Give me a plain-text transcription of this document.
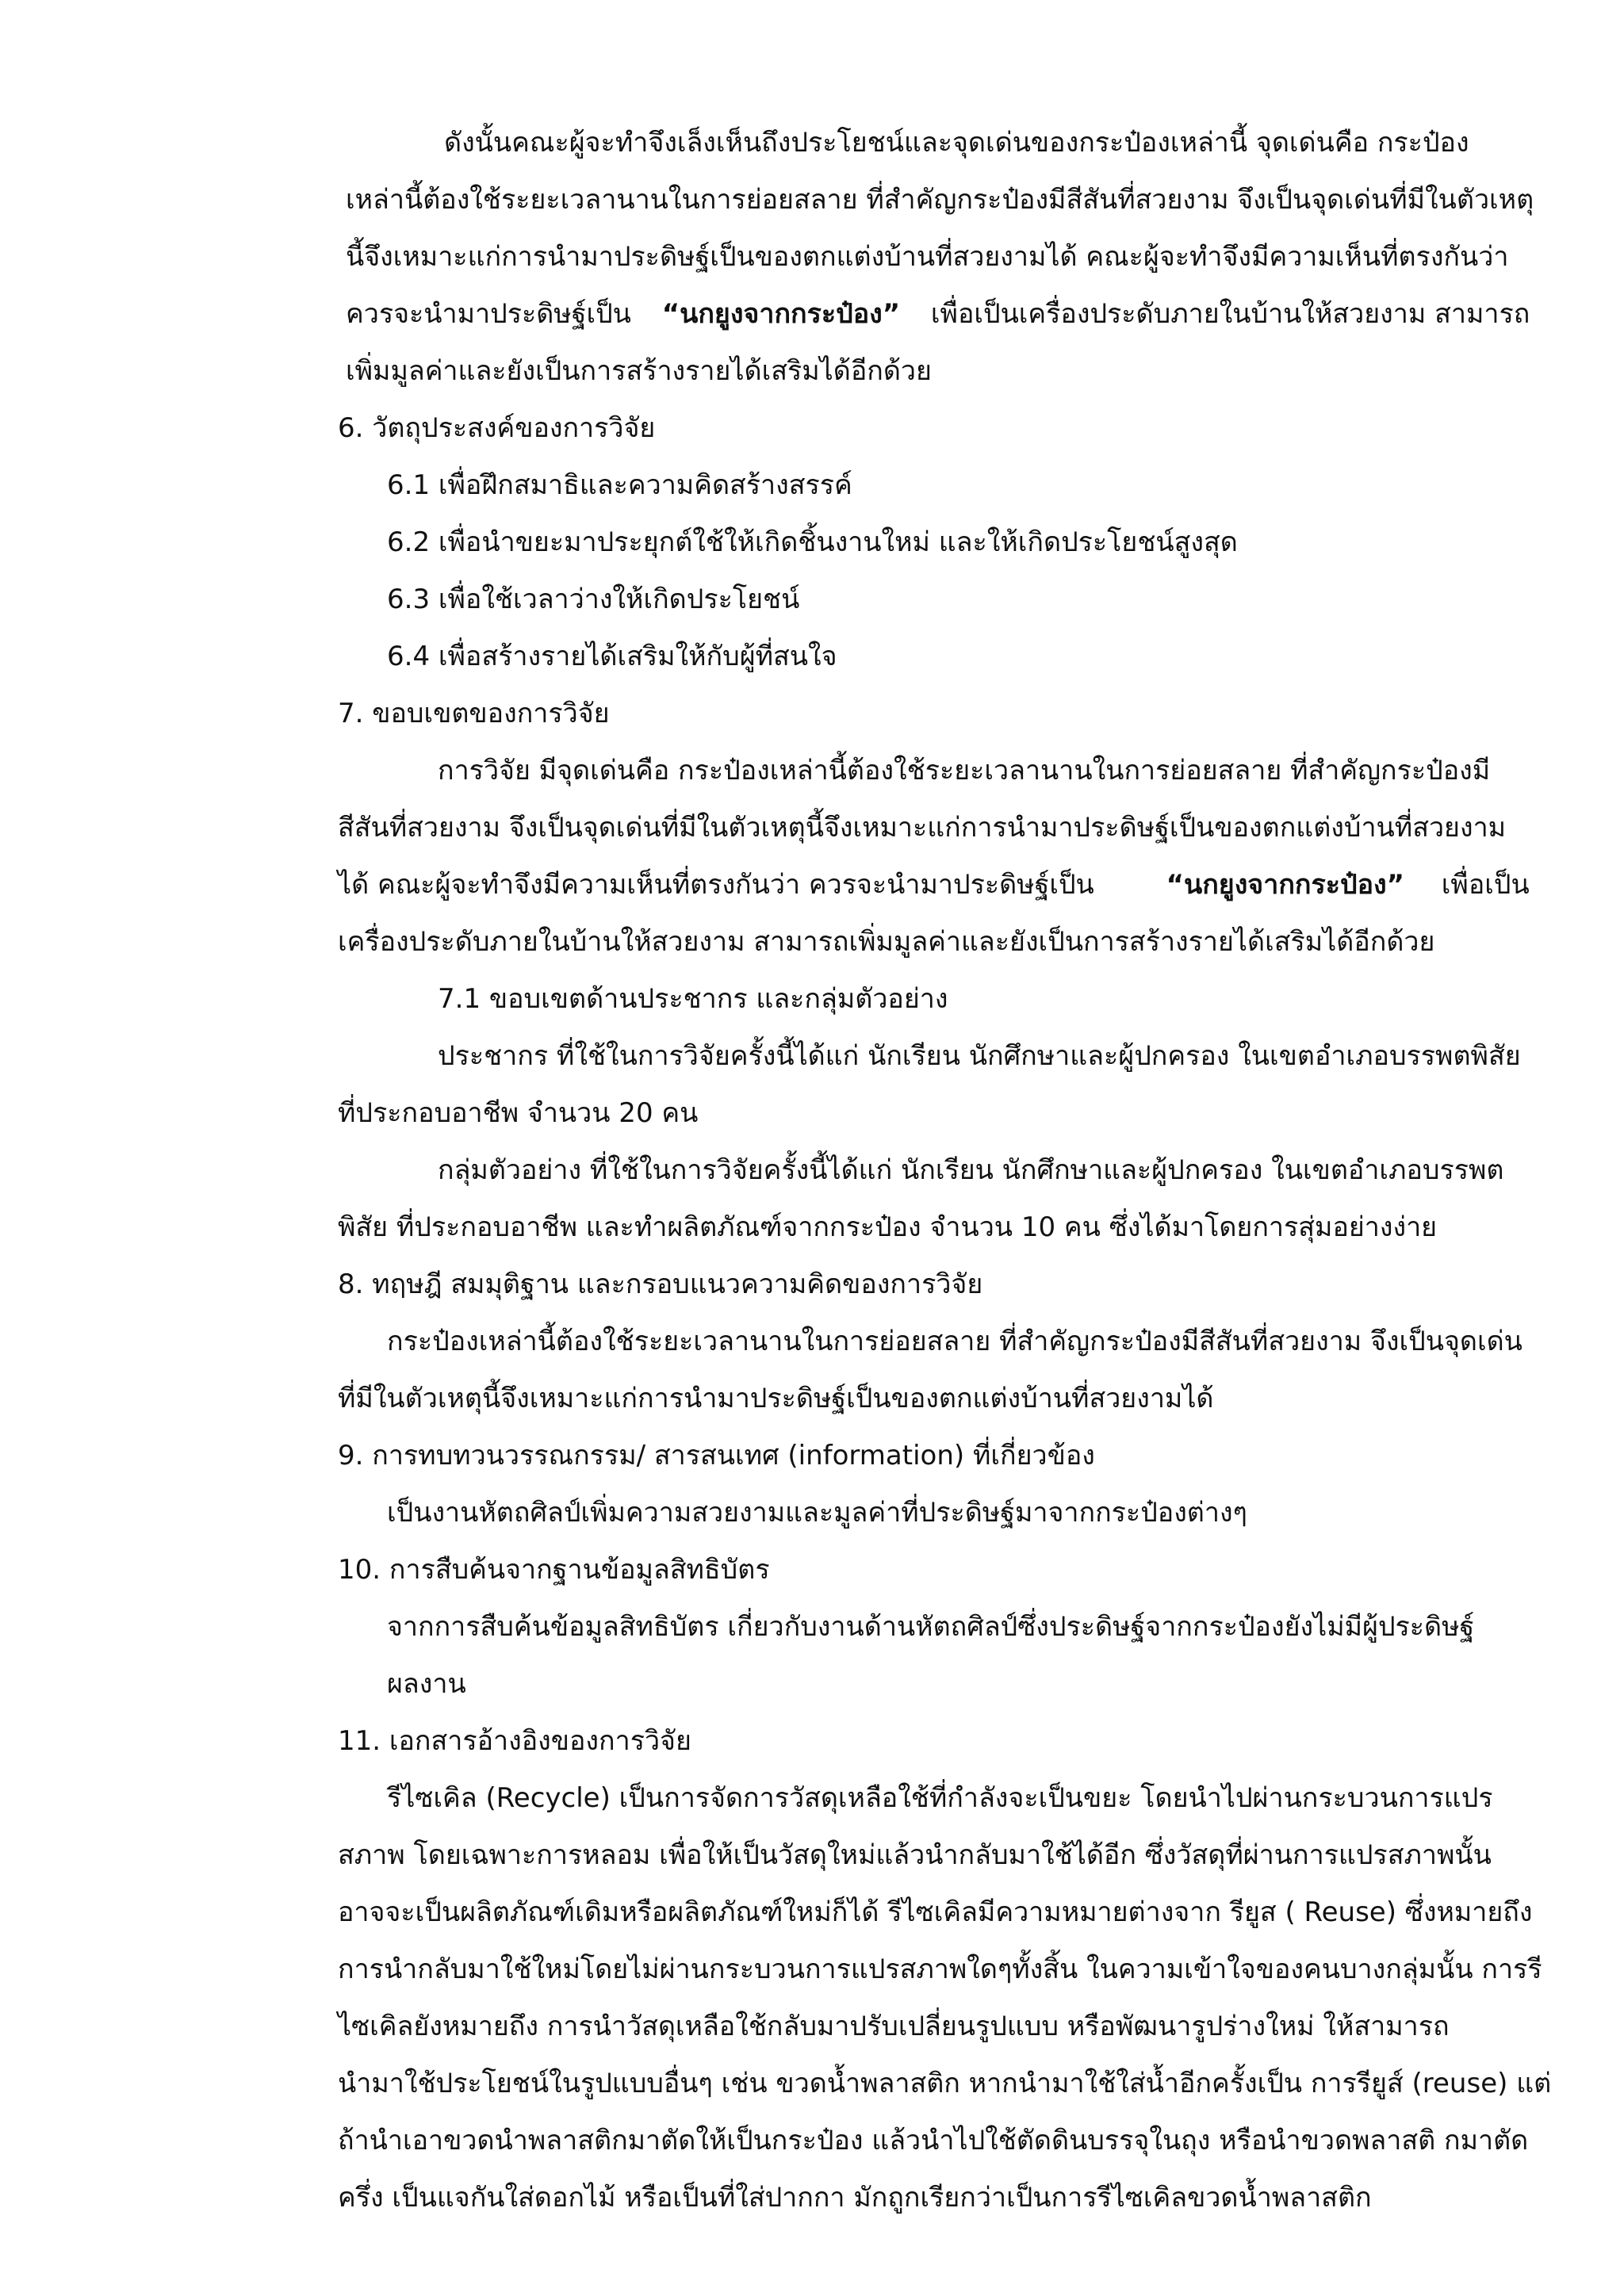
ดังนั้นคณะผู้จะทำจึงเล็งเห็นถึงประโยชน์และจุดเด่นของกระป๋องเหล่านี้ จุดเด่นคือ กระป๋อง
เหล่านี้ต้องใช้ระยะเวลานานในการย่อยสลาย ที่สำคัญกระป๋องมีสีสันที่สวยงาม จึงเป็นจุดเด่นที่มีในตัวเหตุ
นี้จึงเหมาะแก่การนำมาประดิษฐ์เป็นของตกแต่งบ้านที่สวยงามได้ คณะผู้จะทำจึงมีความเห็นที่ตรงกันว่า
ควรจะนำมาประดิษฐ์เป็น “นกยูงจากกระป๋อง” เพื่อเป็นเครื่องประดับภายในบ้านให้สวยงาม สามารถ
เพิ่มมูลค่าและยังเป็นการสร้างรายได้เสริมได้อีกด้วย
6. วัตถุประสงค์ของการวิจัย
6.1 เพื่อฝึกสมาธิและความคิดสร้างสรรค์
6.2 เพื่อนำขยะมาประยุกต์ใช้ให้เกิดชิ้นงานใหม่ และให้เกิดประโยชน์สูงสุด
6.3 เพื่อใช้เวลาว่างให้เกิดประโยชน์
6.4 เพื่อสร้างรายได้เสริมให้กับผู้ที่สนใจ
7. ขอบเขตของการวิจัย
การวิจัย มีจุดเด่นคือ กระป๋องเหล่านี้ต้องใช้ระยะเวลานานในการย่อยสลาย ที่สำคัญกระป๋องมี
สีสันที่สวยงาม จึงเป็นจุดเด่นที่มีในตัวเหตุนี้จึงเหมาะแก่การนำมาประดิษฐ์เป็นของตกแต่งบ้านที่สวยงาม
ได้ คณะผู้จะทำจึงมีความเห็นที่ตรงกันว่า ควรจะนำมาประดิษฐ์เป็น	“นกยูงจากกระป๋อง” เพื่อเป็น
เครื่องประดับภายในบ้านให้สวยงาม สามารถเพิ่มมูลค่าและยังเป็นการสร้างรายได้เสริมได้อีกด้วย
7.1 ขอบเขตด้านประชากร และกลุ่มตัวอย่าง
ประชากร ที่ใช้ในการวิจัยครั้งนี้ได้แก่ นักเรียน นักศึกษาและผู้ปกครอง ในเขตอำเภอบรรพตพิสัย
ที่ประกอบอาชีพ จำนวน 20 คน
กลุ่มตัวอย่าง ที่ใช้ในการวิจัยครั้งนี้ได้แก่ นักเรียน นักศึกษาและผู้ปกครอง ในเขตอำเภอบรรพต
พิสัย ที่ประกอบอาชีพ และทำผลิตภัณฑ์จากกระป๋อง จำนวน 10 คน ซึ่งได้มาโดยการสุ่มอย่างง่าย
8. ทฤษฎี สมมุติฐาน และกรอบแนวความคิดของการวิจัย
กระป๋องเหล่านี้ต้องใช้ระยะเวลานานในการย่อยสลาย ที่สำคัญกระป๋องมีสีสันที่สวยงาม จึงเป็นจุดเด่น
ที่มีในตัวเหตุนี้จึงเหมาะแก่การนำมาประดิษฐ์เป็นของตกแต่งบ้านที่สวยงามได้
9. การทบทวนวรรณกรรม/ สารสนเทศ (information) ที่เกี่ยวข้อง
เป็นงานหัตถศิลป์เพิ่มความสวยงามและมูลค่าที่ประดิษฐ์มาจากกระป๋องต่างๆ
10. การสืบค้นจากฐานข้อมูลสิทธิบัตร
จากการสืบค้นข้อมูลสิทธิบัตร เกี่ยวกับงานด้านหัตถศิลป์ซึ่งประดิษฐ์จากกระป๋องยังไม่มีผู้ประดิษฐ์
ผลงาน
11. เอกสารอ้างอิงของการวิจัย
รีไซเคิล (Recycle) เป็นการจัดการวัสดุเหลือใช้ที่กำลังจะเป็นขยะ โดยนำไปผ่านกระบวนการแปร
สภาพ โดยเฉพาะการหลอม เพื่อให้เป็นวัสดุใหม่แล้วนำกลับมาใช้ได้อีก ซึ่งวัสดุที่ผ่านการแปรสภาพนั้น
อาจจะเป็นผลิตภัณฑ์เดิมหรือผลิตภัณฑ์ใหม่ก็ได้ รีไซเคิลมีความหมายต่างจาก รียูส ( Reuse) ซึ่งหมายถึง
การนำกลับมาใช้ใหม่โดยไม่ผ่านกระบวนการแปรสภาพใดๆทั้งสิ้น ในความเข้าใจของคนบางกลุ่มนั้น การรี
ไซเคิลยังหมายถึง การนำวัสดุเหลือใช้กลับมาปรับเปลี่ยนรูปแบบ หรือพัฒนารูปร่างใหม่ ให้สามารถ
นำมาใช้ประโยชน์ในรูปแบบอื่นๆ เช่น ขวดน้ำพลาสติก หากนำมาใช้ใส่น้ำอีกครั้งเป็น การรียูส์ (reuse) แต่
ถ้านำเอาขวดนำพลาสติกมาตัดให้เป็นกระป๋อง แล้วนำไปใช้ตัดดินบรรจุในถุง หรือนำขวดพลาสติ กมาตัด
ครึ่ง เป็นแจกันใส่ดอกไม้ หรือเป็นที่ใส่ปากกา มักถูกเรียกว่าเป็นการรีไซเคิลขวดน้ำพลาสติก
